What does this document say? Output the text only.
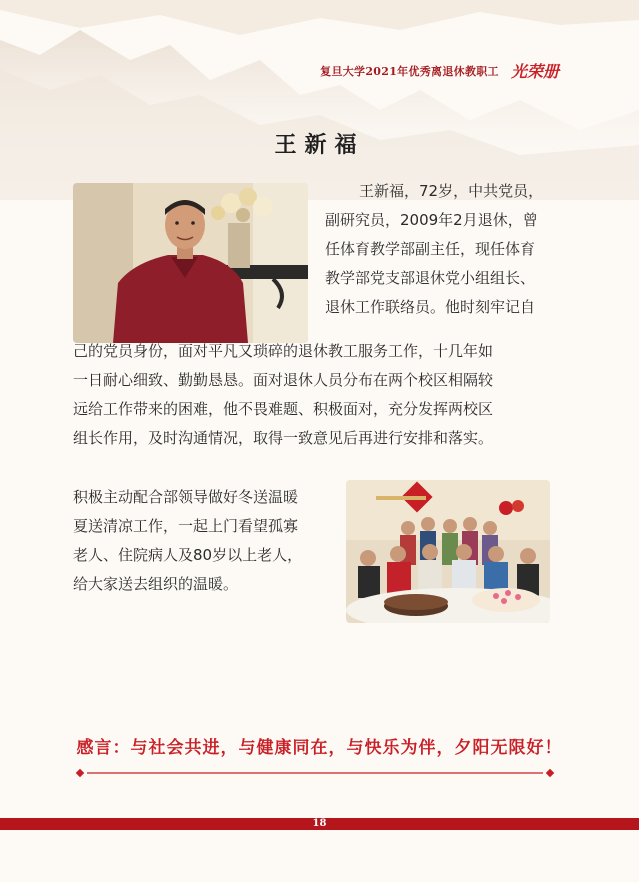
复旦大学2021年优秀离退休教职工 光荣册
王新福

王新福，72岁，中共党员，
副研究员，2009年2月退休，曾
任体育教学部副主任，现任体育
教学部党支部退休党小组组长、
退休工作联络员。他时刻牢记自

己的党员身份，面对平凡又琐碎的退休教工服务工作，十几年如
一日耐心细致、勤勤恳恳。面对退休人员分布在两个校区相隔较
远给工作带来的困难，他不畏难题、积极面对，充分发挥两校区
组长作用，及时沟通情况，取得一致意见后再进行安排和落实。

积极主动配合部领导做好冬送温暖
夏送清凉工作，一起上门看望孤寡
老人、住院病人及80岁以上老人，
给大家送去组织的温暖。

感言：与社会共进，与健康同在，与快乐为伴，夕阳无限好！
18
